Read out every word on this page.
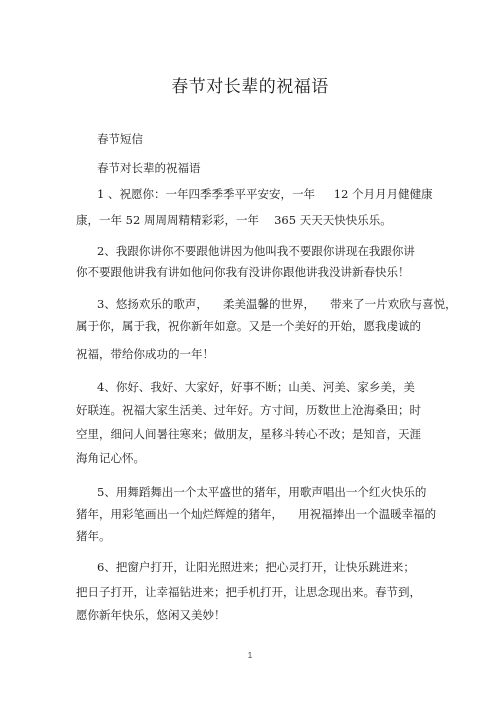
春节对长辈的祝福语
春节短信
春节对长辈的祝福语
1 、祝愿你：一年四季季季平平安安，一年 　 12 个月月月健健康
康，一年 52 周周周精精彩彩，一年 　365 天天天快快乐乐。
2、我跟你讲你不要跟他讲因为他叫我不要跟你讲现在我跟你讲
你不要跟他讲我有讲如他问你我有没讲你跟他讲我没讲新春快乐！
3、悠扬欢乐的歌声， 　柔美温馨的世界， 　带来了一片欢欣与喜悦，
属于你，属于我，祝你新年如意。又是一个美好的开始，愿我虔诚的
祝福，带给你成功的一年！
4、你好、我好、大家好，好事不断；山美、河美、家乡美，美
好联连。祝福大家生活美、过年好。方寸间，历数世上沧海桑田；时
空里，细问人间暑往寒来；做朋友，星移斗转心不改；是知音，天涯
海角记心怀。
5、用舞蹈舞出一个太平盛世的猪年，用歌声唱出一个红火快乐的
猪年，用彩笔画出一个灿烂辉煌的猪年， 　用祝福捧出一个温暖幸福的
猪年。
6、把窗户打开，让阳光照进来；把心灵打开，让快乐跳进来；
把日子打开，让幸福钻进来；把手机打开，让思念现出来。春节到，
愿你新年快乐，悠闲又美妙！
1
